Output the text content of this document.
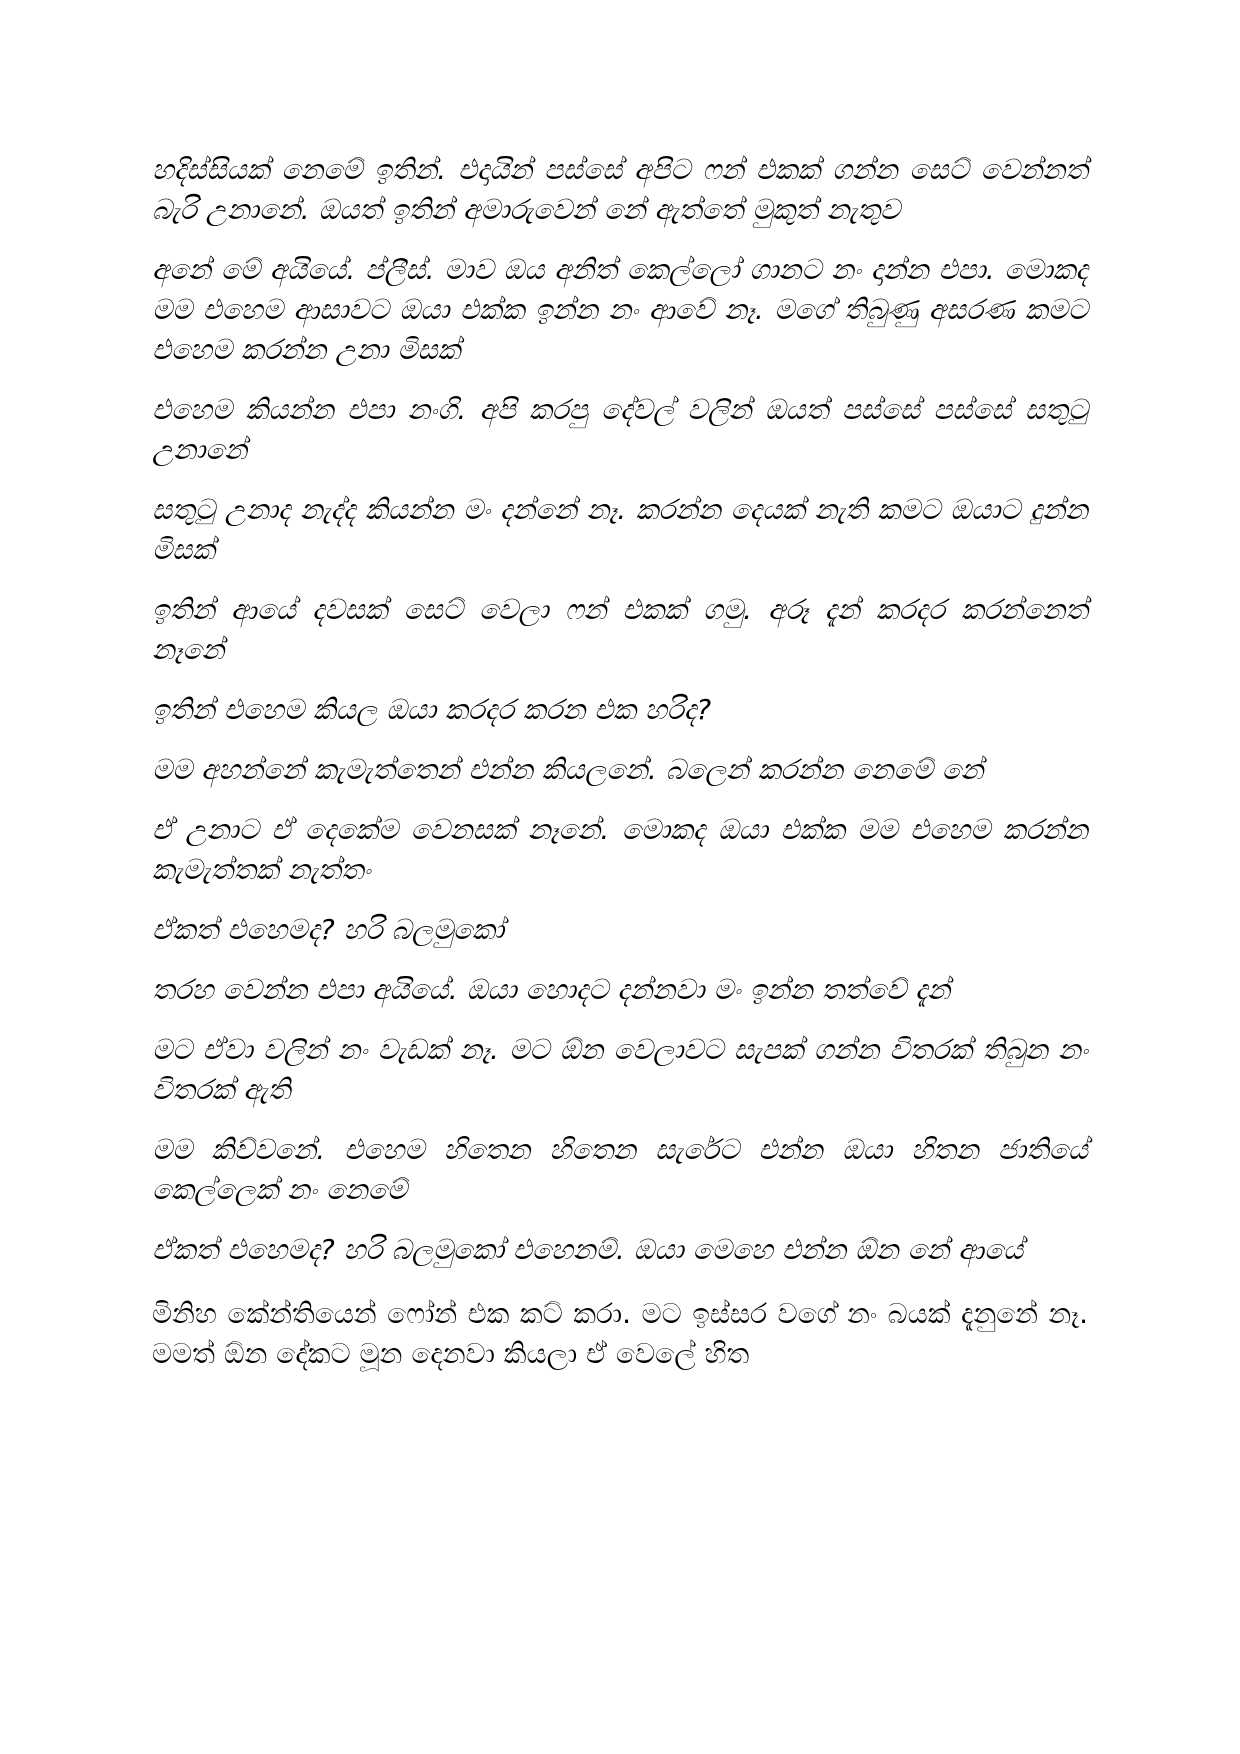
හදිස්සියක් නෙමේ ඉතින්. එදායින් පස්සේ අපිට ෆන් එකක් ගන්න සෙට් වෙන්නත් බැරි උනානේ. ඔයත් ඉතින් අමාරුවෙන් නේ ඇත්තේ මුකුත් නැතුව

අනේ මේ අයියේ. ප්ලීස්. මාව ඔය අනිත් කෙල්ලෝ ගානට නං දාන්න එපා. මොකද මම එහෙම ආසාවට ඔයා එක්ක ඉන්න නං ආවේ නෑ. මගේ තිබුණු අසරණ කමට එහෙම කරන්න උනා මිසක්

එහෙම කියන්න එපා නංගි. අපි කරපු දේවල් වලින් ඔයත් පස්සේ පස්සේ සතුටු උනානේ

සතුටු උනාද නැද්ද කියන්න මං දන්නේ නෑ. කරන්න දෙයක් නැති කමට ඔයාට දුන්න මිසක්

ඉතින් ආයේ දවසක් සෙට් වෙලා ෆන් එකක් ගමු. අරූ දැන් කරදර කරන්නෙත් නෑනේ

ඉතින් එහෙම කියල ඔයා කරදර කරන එක හරිද?

මම අහන්නේ කැමැත්තෙන් එන්න කියලනේ. බලෙන් කරන්න නෙමේ නේ

ඒ උනාට ඒ දෙකේම වෙනසක් නෑනේ. මොකද ඔයා එක්ක මම එහෙම කරන්න කැමැත්තක් නැත්තං

ඒකත් එහෙමද? හරි බලමුකෝ

තරහ වෙන්න එපා අයියේ. ඔයා හොදට දන්නවා මං ඉන්න තත්වේ දැන්

මට ඒවා වලින් නං වැඩක් නෑ. මට ඕන වෙලාවට සැපක් ගන්න විතරක් තිබුන නං විතරක් ඇති

මම කිව්වනේ. එහෙම හිතෙන හිතෙන සැරේට එන්න ඔයා හිතන ජාතියේ කෙල්ලෙක් නං නෙමේ

ඒකත් එහෙමද? හරි බලමුකෝ එහෙනම්. ඔයා මෙහෙ එන්න ඕන නේ ආයේ

මිනිහ කේන්තියෙන් ෆෝන් එක කට් කරා. මට ඉස්සර වගේ නං බයක් දැනුනේ නෑ. මමත් ඕන දේකට මූන දෙනවා කියලා ඒ වෙලේ හිත
